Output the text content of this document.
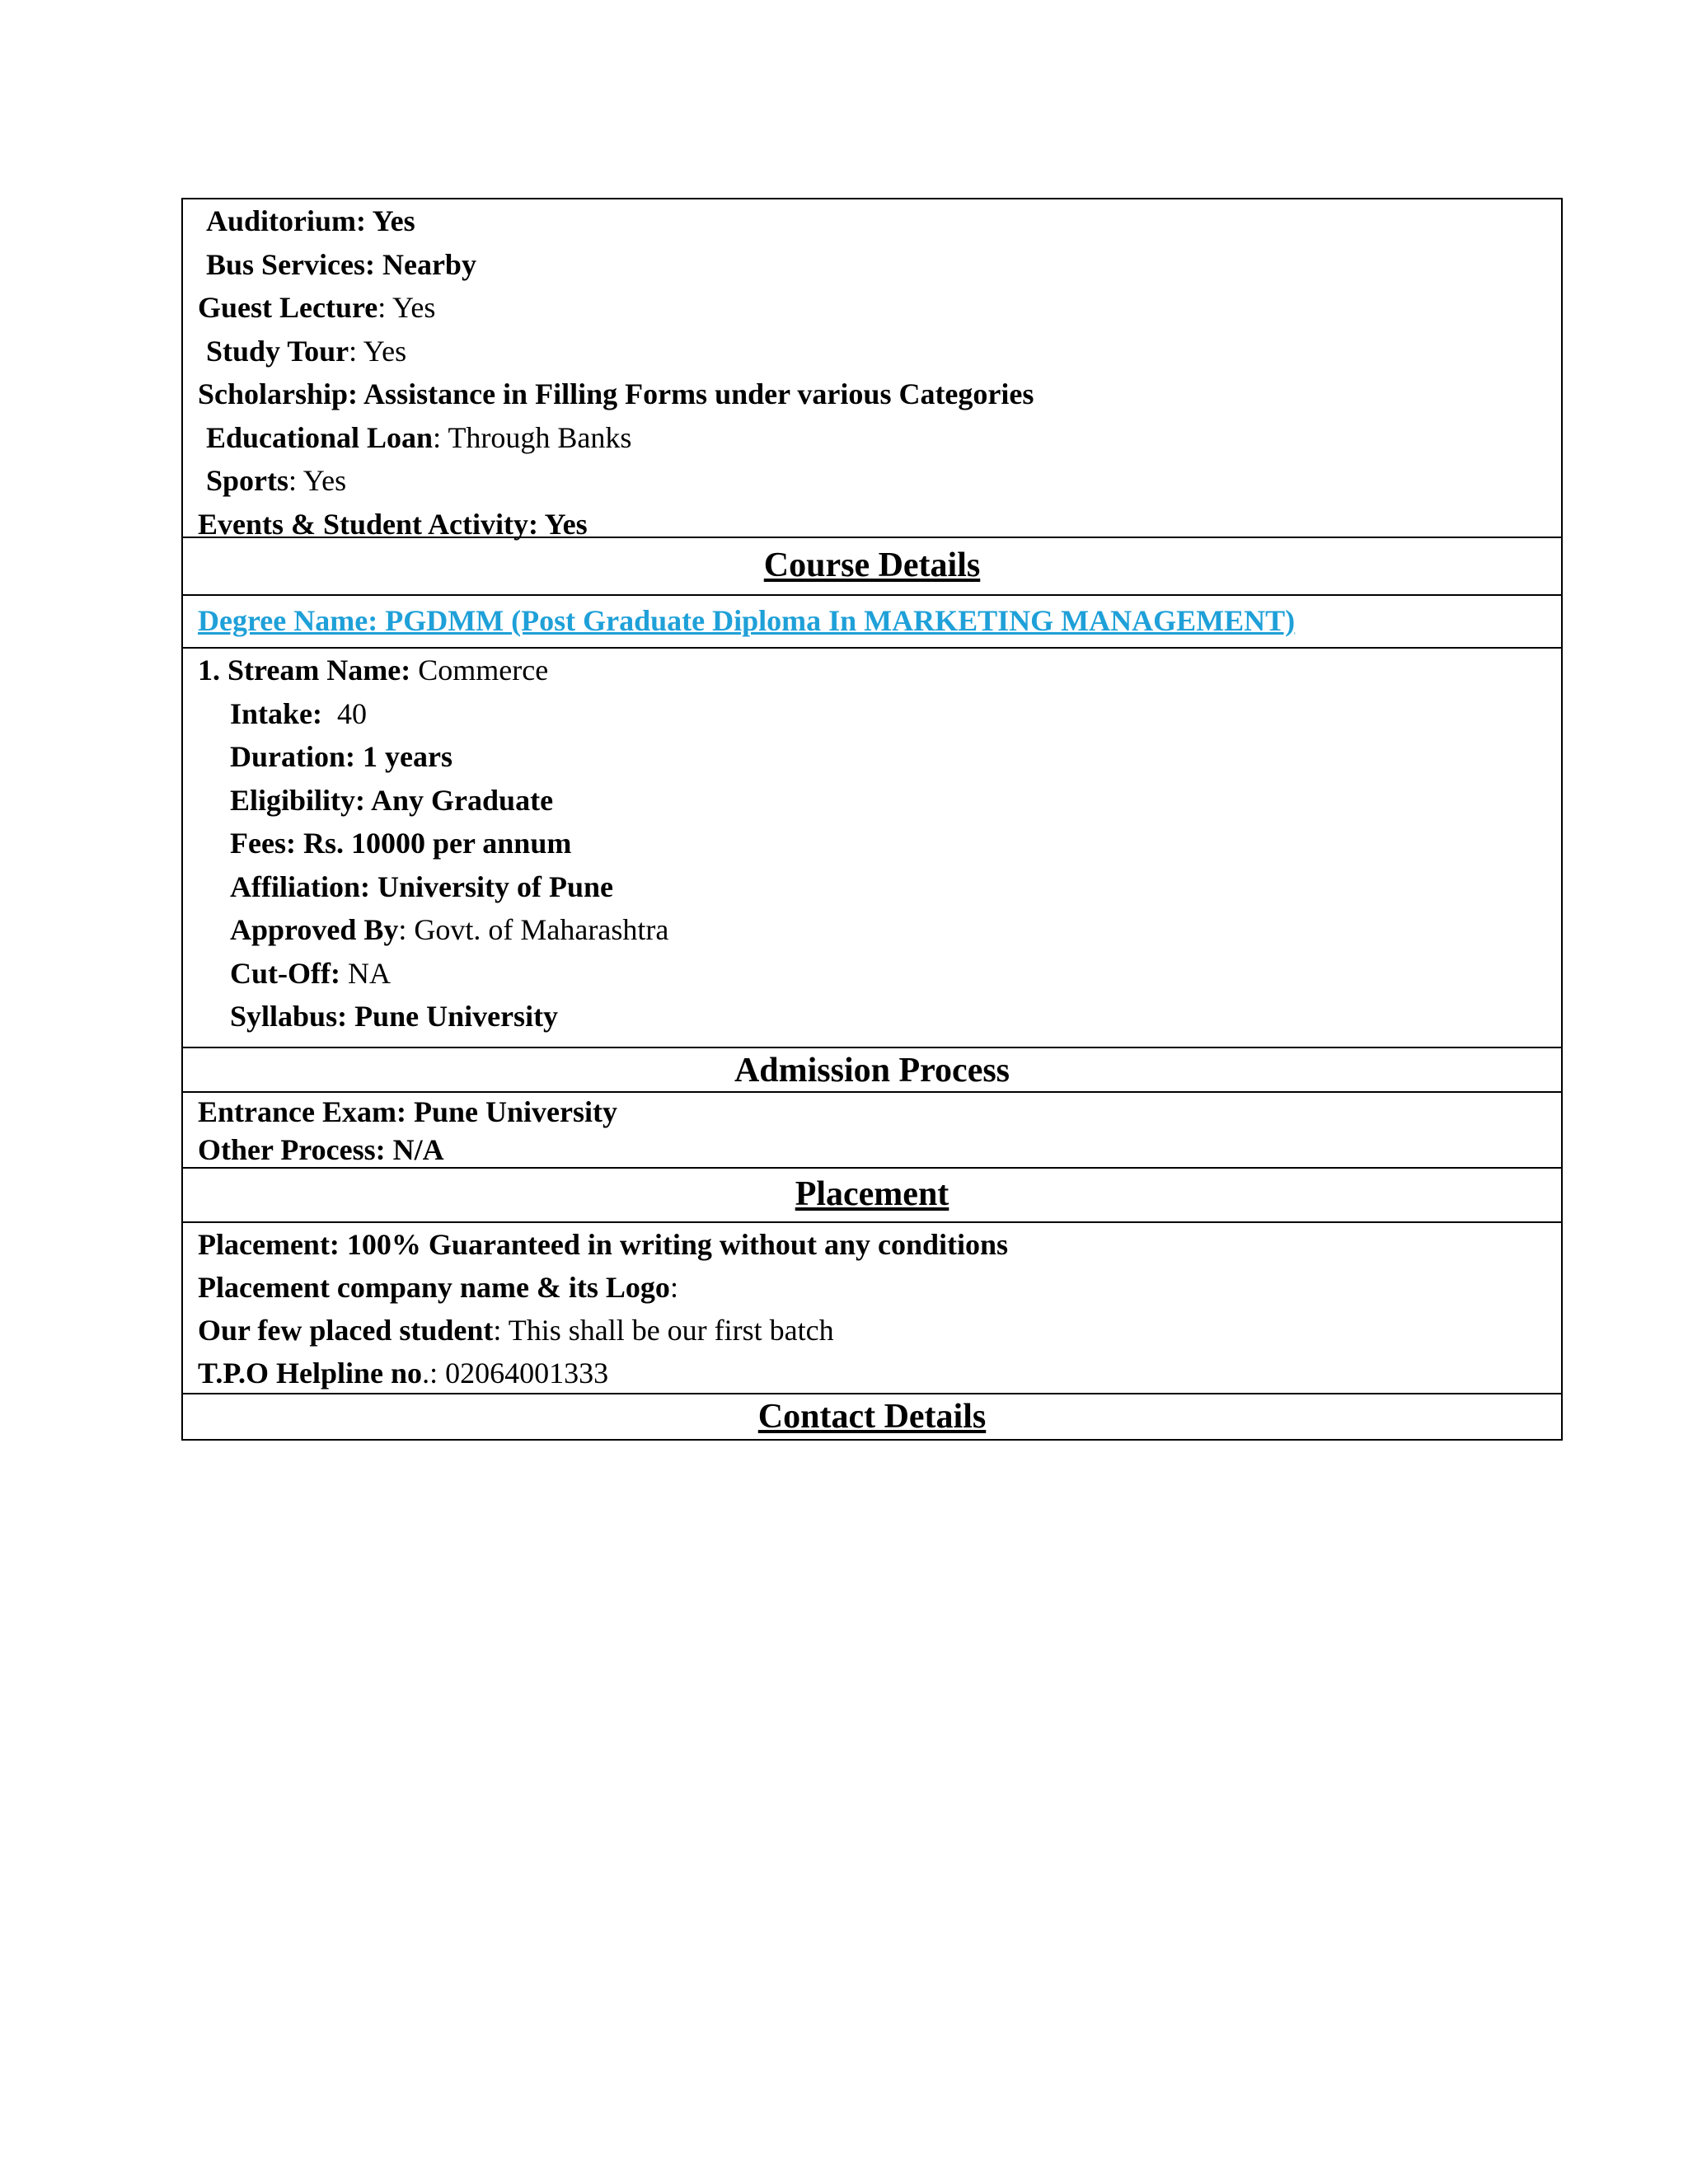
Auditorium: Yes
Bus Services: Nearby
Guest Lecture: Yes
Study Tour: Yes
Scholarship: Assistance in Filling Forms under various Categories
Educational Loan: Through Banks
Sports: Yes
Events & Student Activity: Yes
Course Details
Degree Name: PGDMM (Post Graduate Diploma In MARKETING MANAGEMENT)
1. Stream Name: Commerce
Intake:  40
Duration: 1 years
Eligibility: Any Graduate
Fees: Rs. 10000 per annum
Affiliation: University of Pune
Approved By: Govt. of Maharashtra
Cut-Off: NA
Syllabus: Pune University
Admission Process
Entrance Exam: Pune University
Other Process: N/A
Placement
Placement: 100% Guaranteed in writing without any conditions
Placement company name & its Logo:
Our few placed student: This shall be our first batch
T.P.O Helpline no.: 02064001333
Contact Details
